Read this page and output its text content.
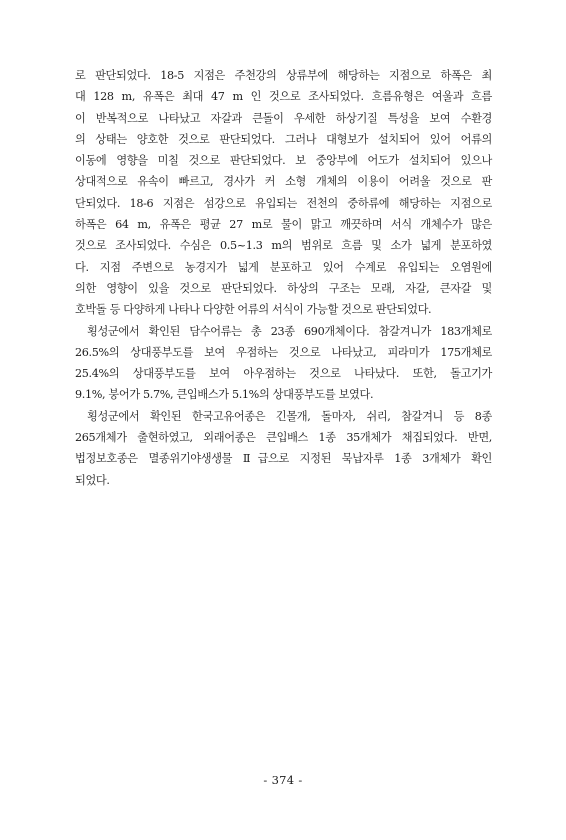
로 판단되었다. 18-5 지점은 주천강의 상류부에 해당하는 지점으로 하폭은 최
대 128 m, 유폭은 최대 47 m 인 것으로 조사되었다. 흐름유형은 여울과 흐름
이 반복적으로 나타났고 자갈과 큰돌이 우세한 하상기질 특성을 보여 수환경
의 상태는 양호한 것으로 판단되었다. 그러나 대형보가 설치되어 있어 어류의
이동에 영향을 미칠 것으로 판단되었다. 보 중앙부에 어도가 설치되어 있으나
상대적으로 유속이 빠르고, 경사가 커 소형 개체의 이용이 어려울 것으로 판
단되었다. 18-6 지점은 섬강으로 유입되는 전천의 중하류에 해당하는 지점으로
하폭은 64 m, 유폭은 평균 27 m로 물이 맑고 깨끗하며 서식 개체수가 많은
것으로 조사되었다. 수심은 0.5~1.3 m의 범위로 흐름 및 소가 넓게 분포하였
다. 지점 주변으로 농경지가 넓게 분포하고 있어 수계로 유입되는 오염원에
의한 영향이 있을 것으로 판단되었다. 하상의 구조는 모래, 자갈, 큰자갈 및
호박돌 등 다양하게 나타나 다양한 어류의 서식이 가능할 것으로 판단되었다.
횡성군에서 확인된 담수어류는 총 23종 690개체이다. 참갈겨니가 183개체로
26.5%의 상대풍부도를 보여 우점하는 것으로 나타났고, 피라미가 175개체로
25.4%의 상대풍부도를 보여 아우점하는 것으로 나타났다. 또한, 돌고기가
9.1%, 붕어가 5.7%, 큰입배스가 5.1%의 상대풍부도를 보였다.
횡성군에서 확인된 한국고유어종은 긴몰개, 돌마자, 쉬리, 참갈겨니 등 8종
265개체가 출현하였고, 외래어종은 큰입배스 1종 35개체가 채집되었다. 반면,
법정보호종은 멸종위기야생생물 Ⅱ급으로 지정된 묵납자루 1종 3개체가 확인
되었다.
- 374 -
